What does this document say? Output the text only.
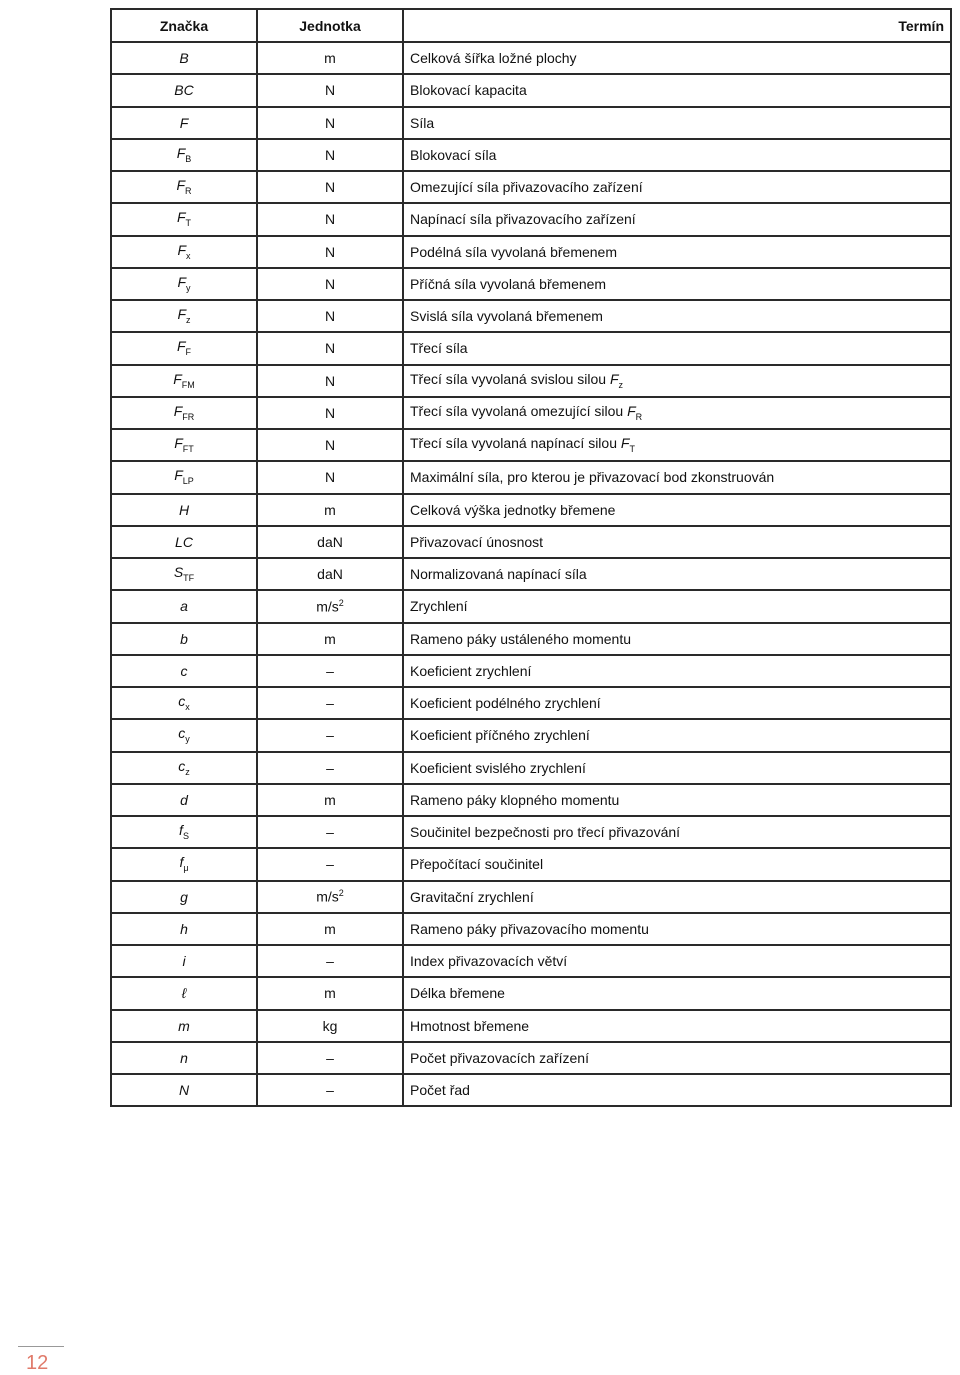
Značka	Jednotka	Termín
B	m	Celková šířka ložné plochy
BC	N	Blokovací kapacita
F	N	Síla
$F_B$	N	Blokovací síla
$F_R$	N	Omezující síla přivazovacího zařízení
$F_T$	N	Napínací síla přivazovacího zařízení
$F_x$	N	Podélná síla vyvolaná břemenem
$F_y$	N	Příčná síla vyvolaná břemenem
$F_z$	N	Svislá síla vyvolaná břemenem
$F_F$	N	Třecí síla
$F_{FM}$	N	Třecí síla vyvolaná svislou silou $F_z$
$F_{FR}$	N	Třecí síla vyvolaná omezující silou $F_R$
$F_{FT}$	N	Třecí síla vyvolaná napínací silou $F_T$
$F_{LP}$	N	Maximální síla, pro kterou je přivazovací bod zkonstruován
H	m	Celková výška jednotky břemene
LC	daN	Přivazovací únosnost
$S_{TF}$	daN	Normalizovaná napínací síla
a	$m/s^2$	Zrychlení
b	m	Rameno páky ustáleného momentu
c	–	Koeficient zrychlení
$c_x$	–	Koeficient podélného zrychlení
$c_y$	–	Koeficient příčného zrychlení
$c_z$	–	Koeficient svislého zrychlení
d	m	Rameno páky klopného momentu
$f_S$	–	Součinitel bezpečnosti pro třecí přivazování
$f_\mu$	–	Přepočítací součinitel
g	$m/s^2$	Gravitační zrychlení
h	m	Rameno páky přivazovacího momentu
i	–	Index přivazovacích větví
ℓ	m	Délka břemene
m	kg	Hmotnost břemene
n	–	Počet přivazovacích zařízení
N	–	Počet řad
12
